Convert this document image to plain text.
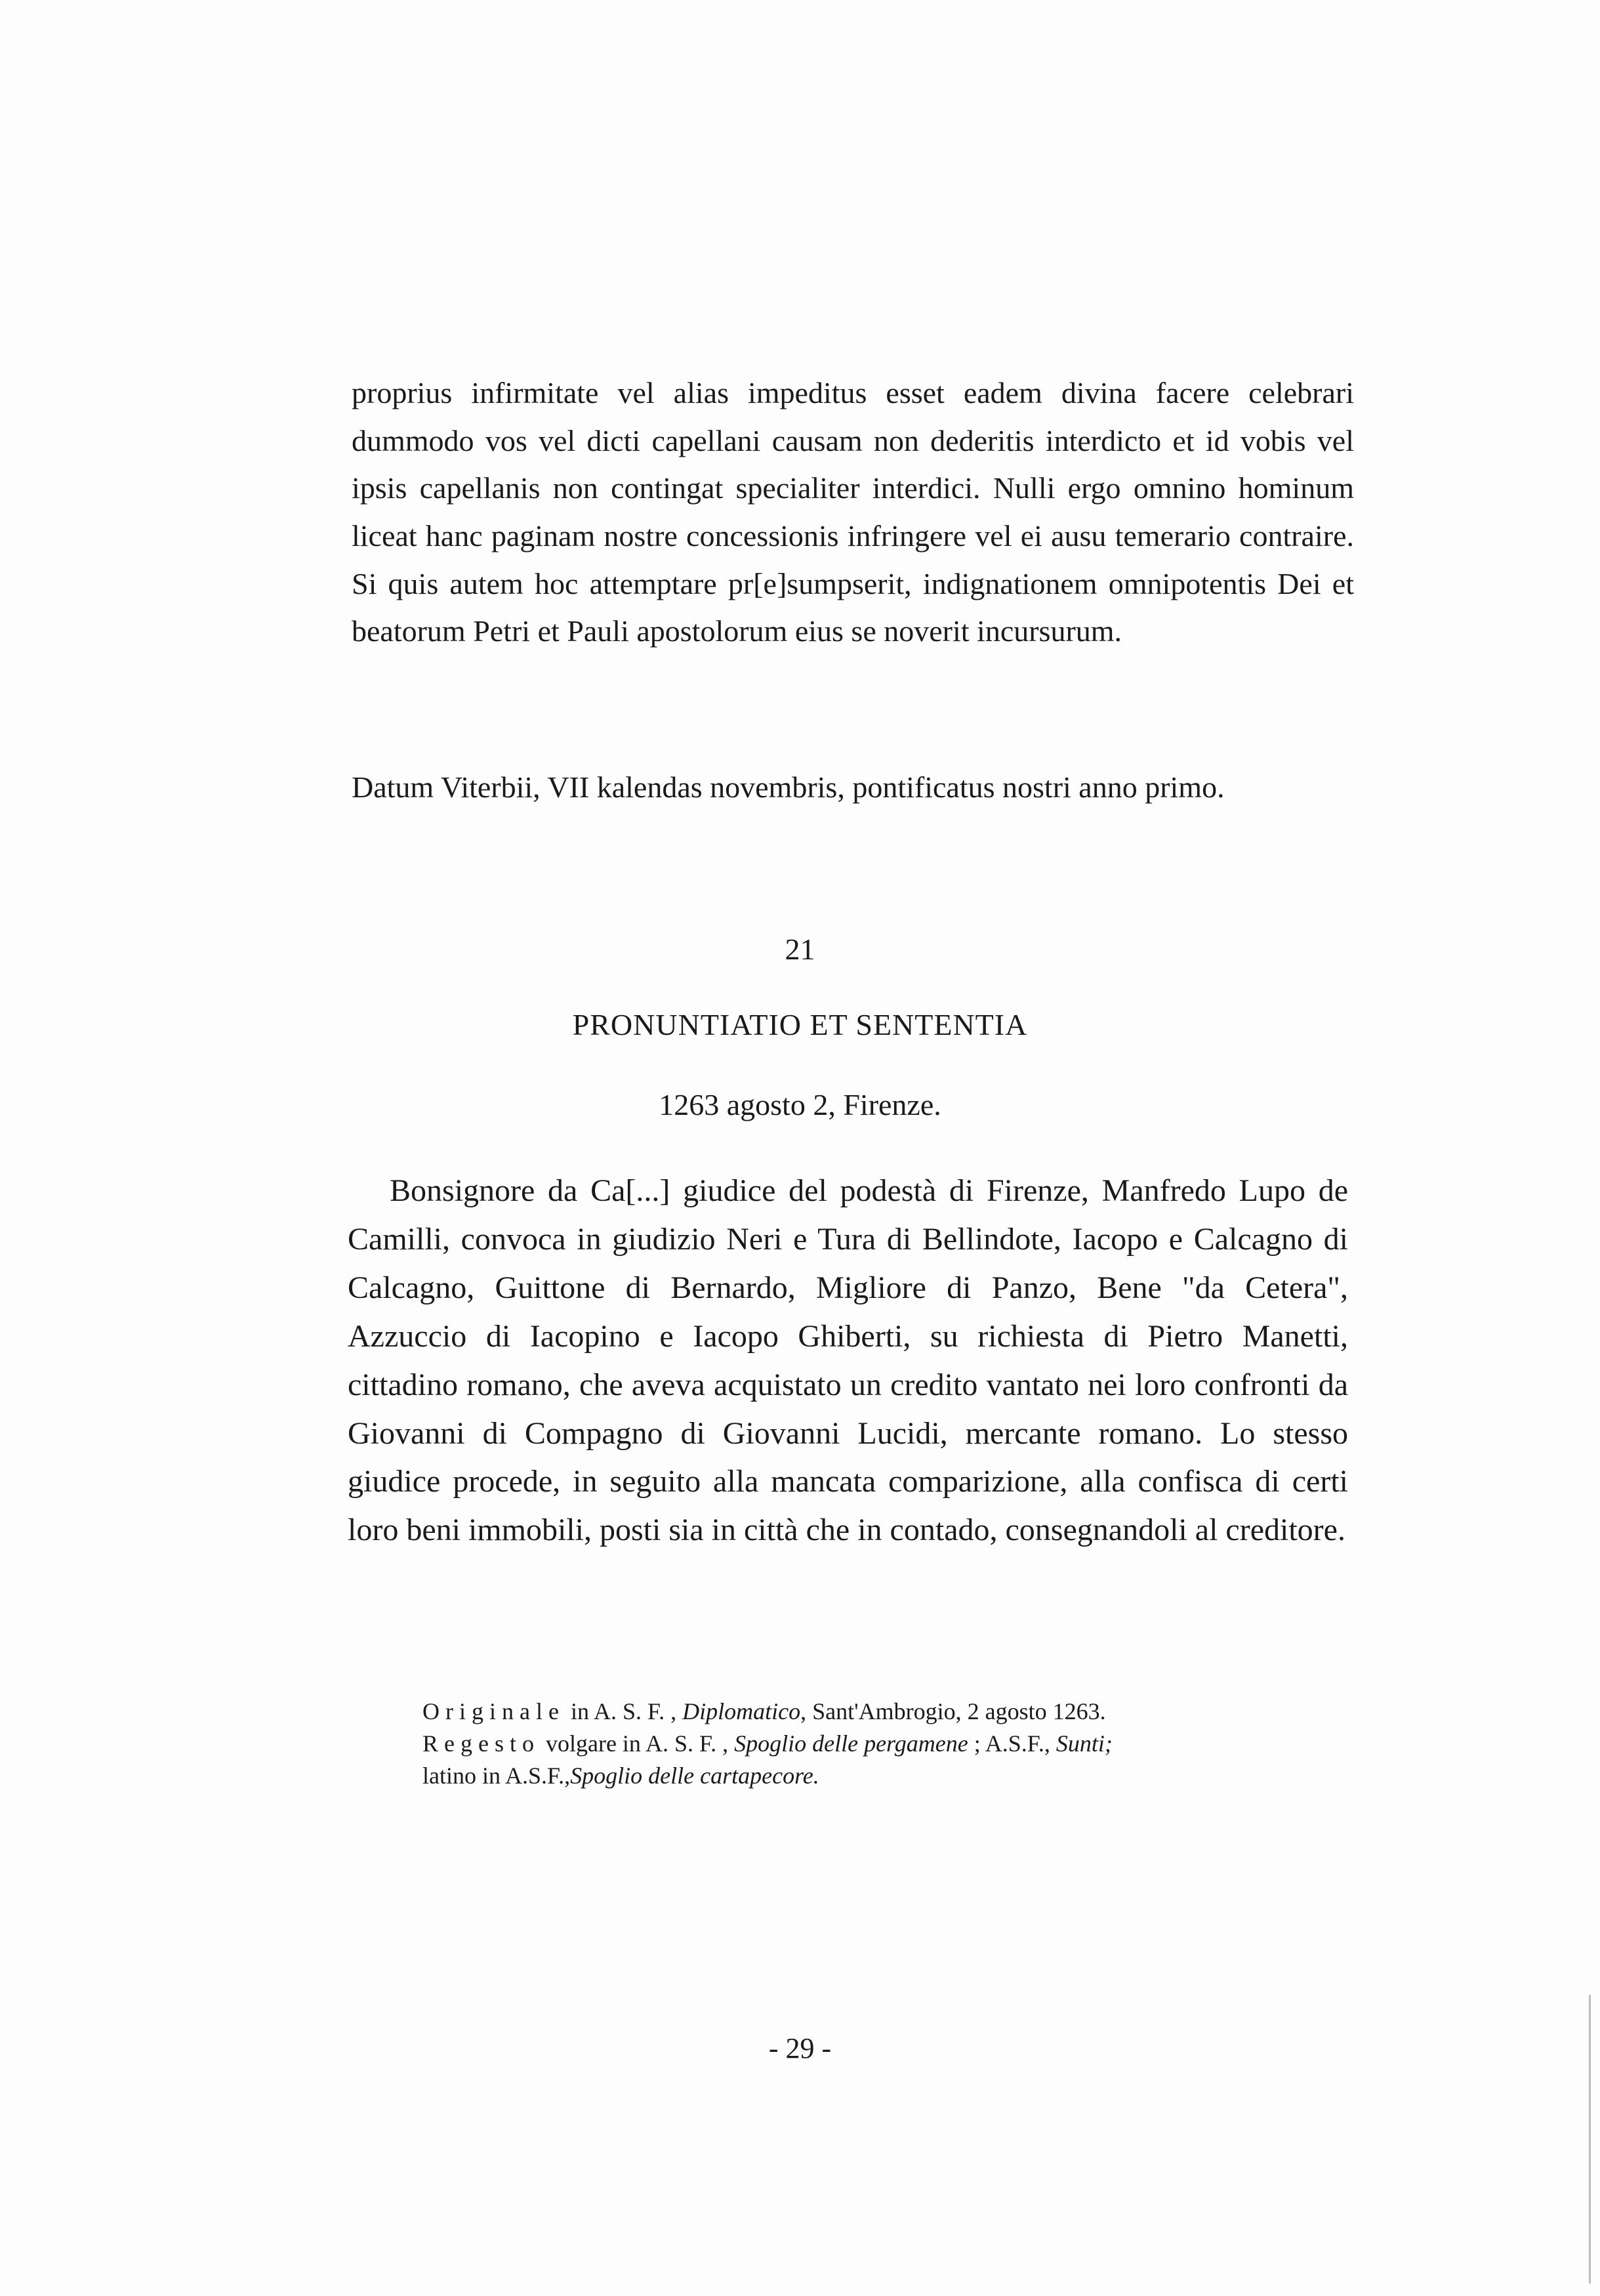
proprius infirmitate vel alias impeditus esset eadem divina facere celebrari dummodo vos vel dicti capellani causam non dederitis interdicto et id vobis vel ipsis capellanis non contingat specialiter interdici. Nulli ergo omnino hominum liceat hanc paginam nostre concessionis infringere vel ei ausu temerario contraire. Si quis autem hoc attemptare pr[e]sumpserit, indignationem omnipotentis Dei et beatorum Petri et Pauli apostolorum eius se noverit incursurum.

Datum Viterbii, VII kalendas novembris, pontificatus nostri anno primo.

21
PRONUNTIATIO ET SENTENTIA
1263 agosto 2, Firenze.

Bonsignore da Ca[...] giudice del podestà di Firenze, Manfredo Lupo de Camilli, convoca in giudizio Neri e Tura di Bellindote, Iacopo e Calcagno di Calcagno, Guittone di Bernardo, Migliore di Panzo, Bene "da Cetera", Azzuccio di Iacopino e Iacopo Ghiberti, su richiesta di Pietro Manetti, cittadino romano, che aveva acquistato un credito vantato nei loro confronti da Giovanni di Compagno di Giovanni Lucidi, mercante romano. Lo stesso giudice procede, in seguito alla mancata comparizione, alla confisca di certi loro beni immobili, posti sia in città che in contado, consegnandoli al creditore.

Originale in A. S. F. , Diplomatico, Sant'Ambrogio, 2 agosto 1263.
Regesto volgare in A. S. F. , Spoglio delle pergamene ; A.S.F., Sunti;
latino in A.S.F.,Spoglio delle cartapecore.
- 29 -
